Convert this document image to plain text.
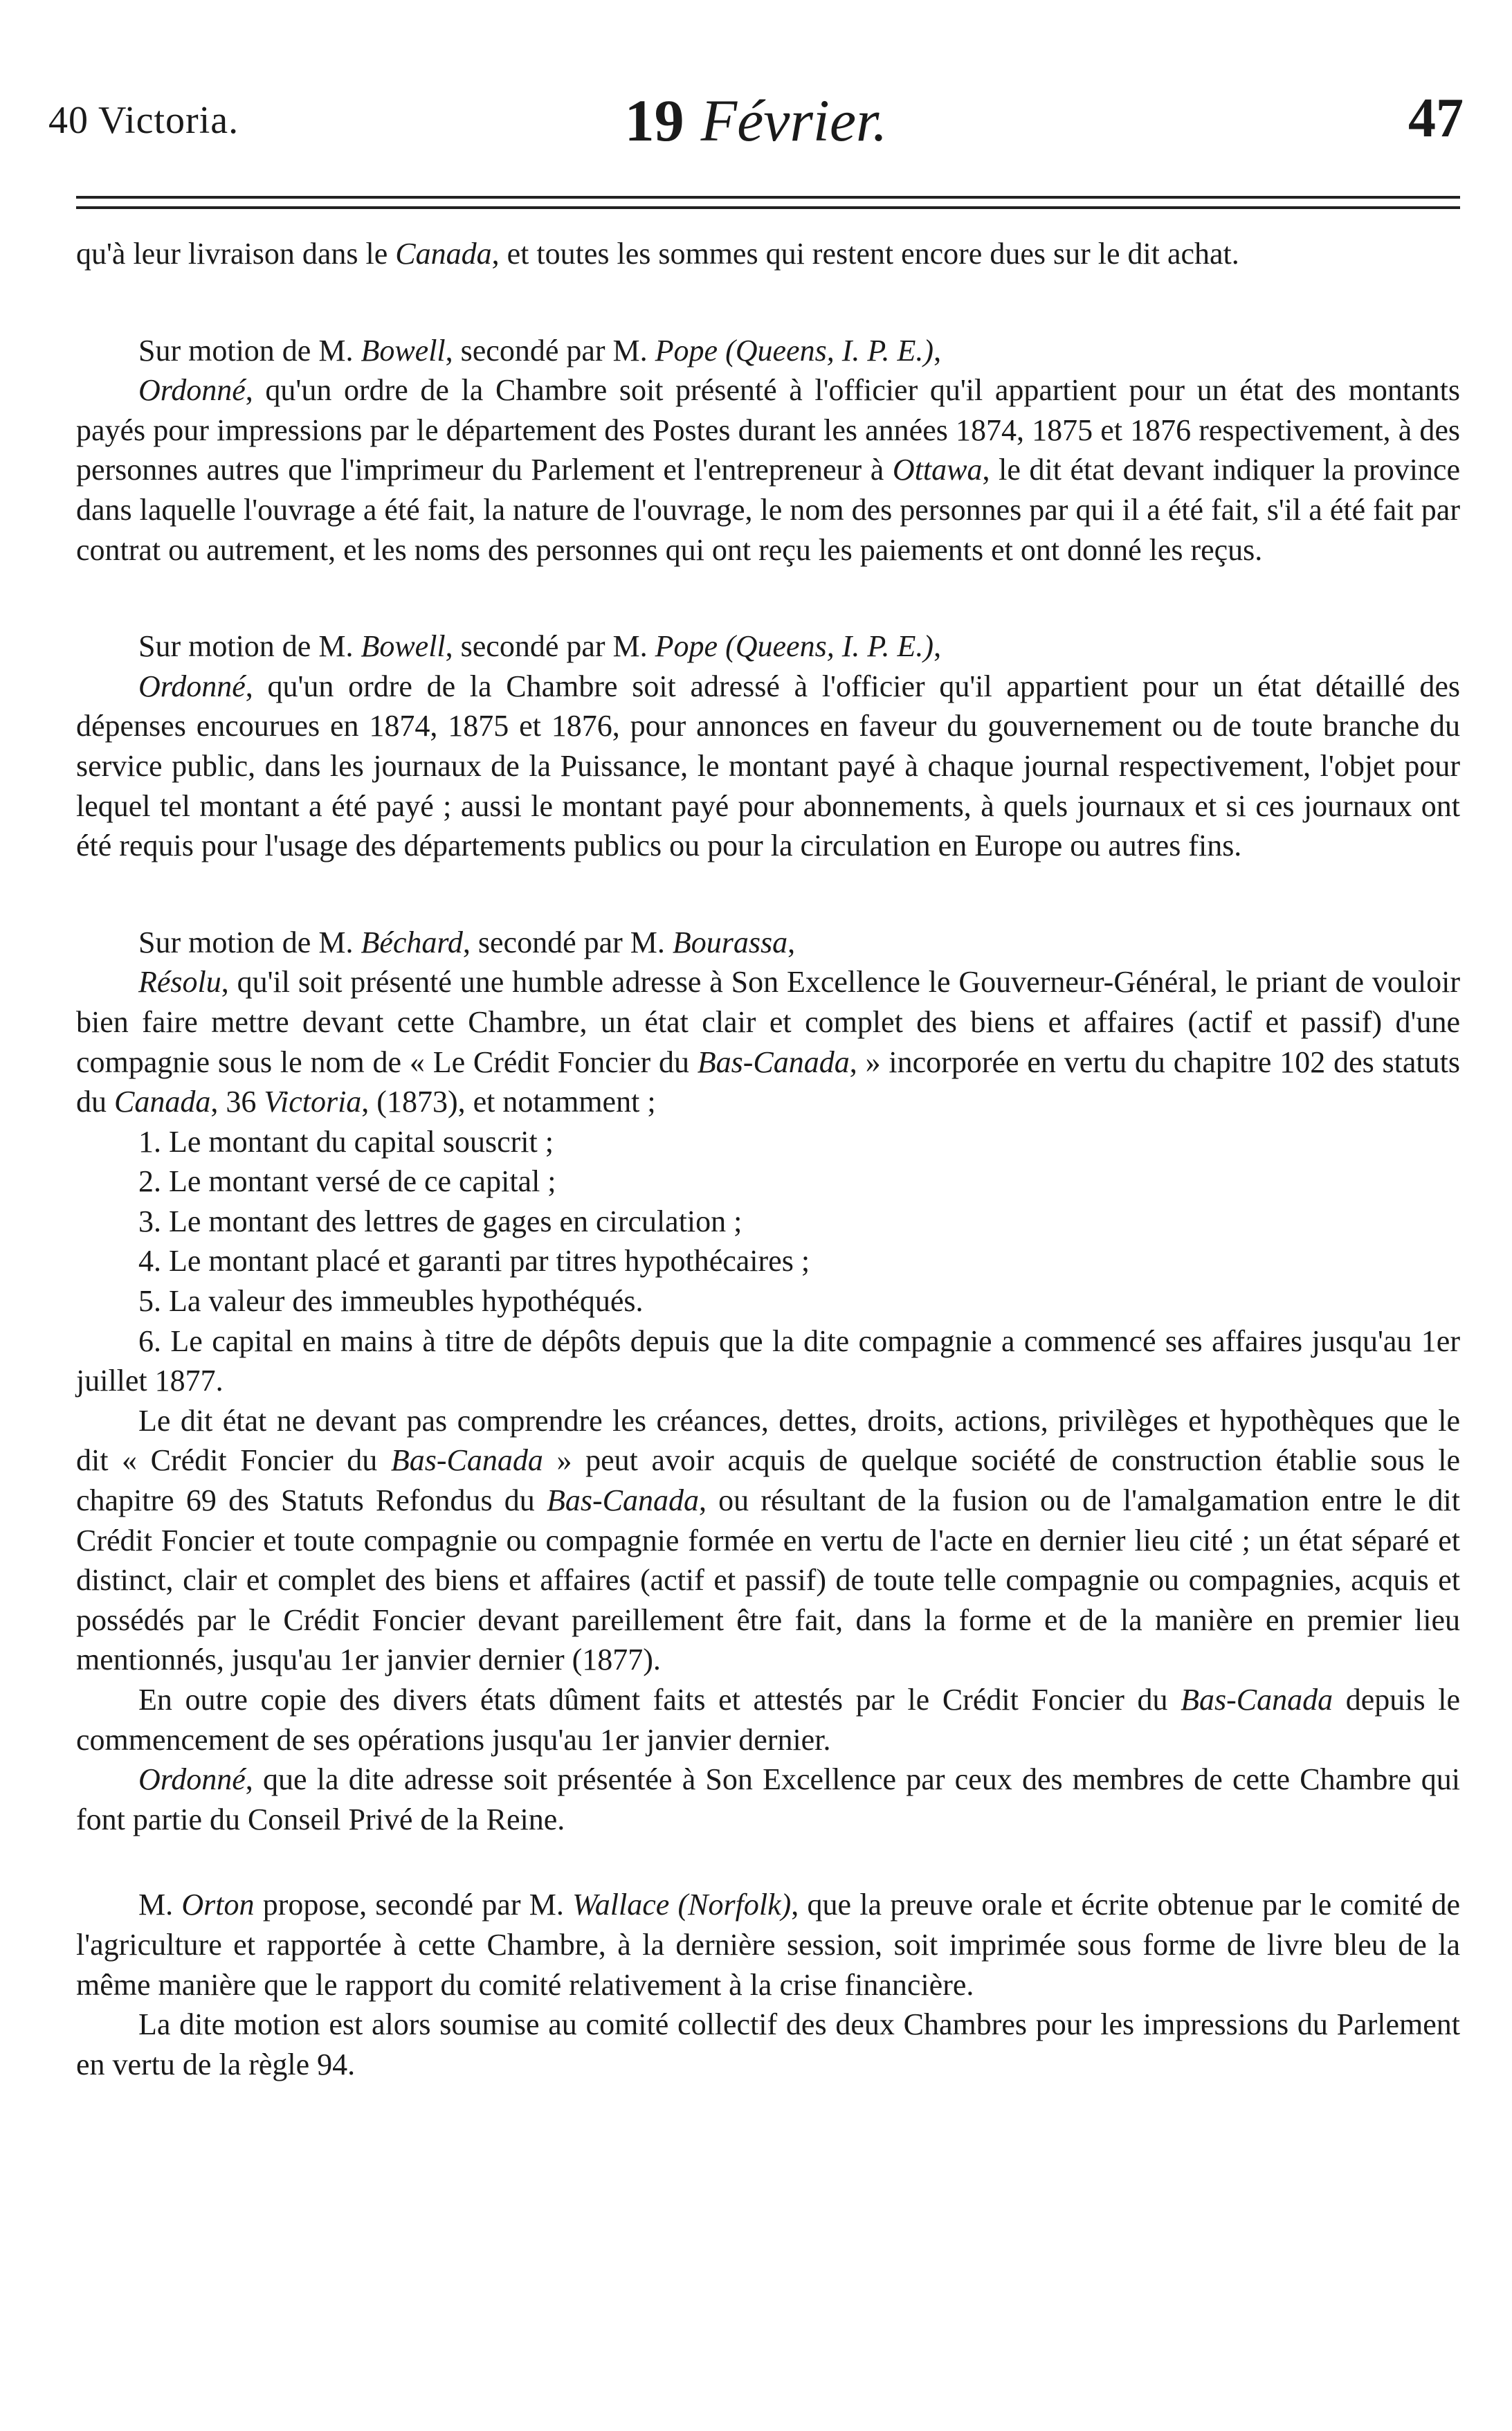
40 Victoria.	19 Février.	47

qu'à leur livraison dans le Canada, et toutes les sommes qui restent encore dues sur le dit achat.

Sur motion de M. Bowell, secondé par M. Pope (Queens, I. P. E.),

Ordonné, qu'un ordre de la Chambre soit présenté à l'officier qu'il appartient pour un état des montants payés pour impressions par le département des Postes durant les années 1874, 1875 et 1876 respectivement, à des personnes autres que l'imprimeur du Parlement et l'entrepreneur à Ottawa, le dit état devant indiquer la province dans laquelle l'ouvrage a été fait, la nature de l'ouvrage, le nom des personnes par qui il a été fait, s'il a été fait par contrat ou autrement, et les noms des personnes qui ont reçu les paiements et ont donné les reçus.

Sur motion de M. Bowell, secondé par M. Pope (Queens, I. P. E.),

Ordonné, qu'un ordre de la Chambre soit adressé à l'officier qu'il appartient pour un état détaillé des dépenses encourues en 1874, 1875 et 1876, pour annonces en faveur du gouvernement ou de toute branche du service public, dans les journaux de la Puissance, le montant payé à chaque journal respectivement, l'objet pour lequel tel montant a été payé ; aussi le montant payé pour abonnements, à quels journaux et si ces journaux ont été requis pour l'usage des départements publics ou pour la circulation en Europe ou autres fins.

Sur motion de M. Béchard, secondé par M. Bourassa,

Résolu, qu'il soit présenté une humble adresse à Son Excellence le Gouverneur-Général, le priant de vouloir bien faire mettre devant cette Chambre, un état clair et complet des biens et affaires (actif et passif) d'une compagnie sous le nom de « Le Crédit Foncier du Bas-Canada, » incorporée en vertu du chapitre 102 des statuts du Canada, 36 Victoria, (1873), et notamment ;

1. Le montant du capital souscrit ;

2. Le montant versé de ce capital ;

3. Le montant des lettres de gages en circulation ;

4. Le montant placé et garanti par titres hypothécaires ;

5. La valeur des immeubles hypothéqués.

6. Le capital en mains à titre de dépôts depuis que la dite compagnie a commencé ses affaires jusqu'au 1er juillet 1877.

Le dit état ne devant pas comprendre les créances, dettes, droits, actions, privilèges et hypothèques que le dit « Crédit Foncier du Bas-Canada » peut avoir acquis de quelque société de construction établie sous le chapitre 69 des Statuts Refondus du Bas-Canada, ou résultant de la fusion ou de l'amalgamation entre le dit Crédit Foncier et toute compagnie ou compagnie formée en vertu de l'acte en dernier lieu cité ; un état séparé et distinct, clair et complet des biens et affaires (actif et passif) de toute telle compagnie ou compagnies, acquis et possédés par le Crédit Foncier devant pareillement être fait, dans la forme et de la manière en premier lieu mentionnés, jusqu'au 1er janvier dernier (1877).

En outre copie des divers états dûment faits et attestés par le Crédit Foncier du Bas-Canada depuis le commencement de ses opérations jusqu'au 1er janvier dernier.

Ordonné, que la dite adresse soit présentée à Son Excellence par ceux des membres de cette Chambre qui font partie du Conseil Privé de la Reine.

M. Orton propose, secondé par M. Wallace (Norfolk), que la preuve orale et écrite obtenue par le comité de l'agriculture et rapportée à cette Chambre, à la dernière session, soit imprimée sous forme de livre bleu de la même manière que le rapport du comité relativement à la crise financière.

La dite motion est alors soumise au comité collectif des deux Chambres pour les impressions du Parlement en vertu de la règle 94.
